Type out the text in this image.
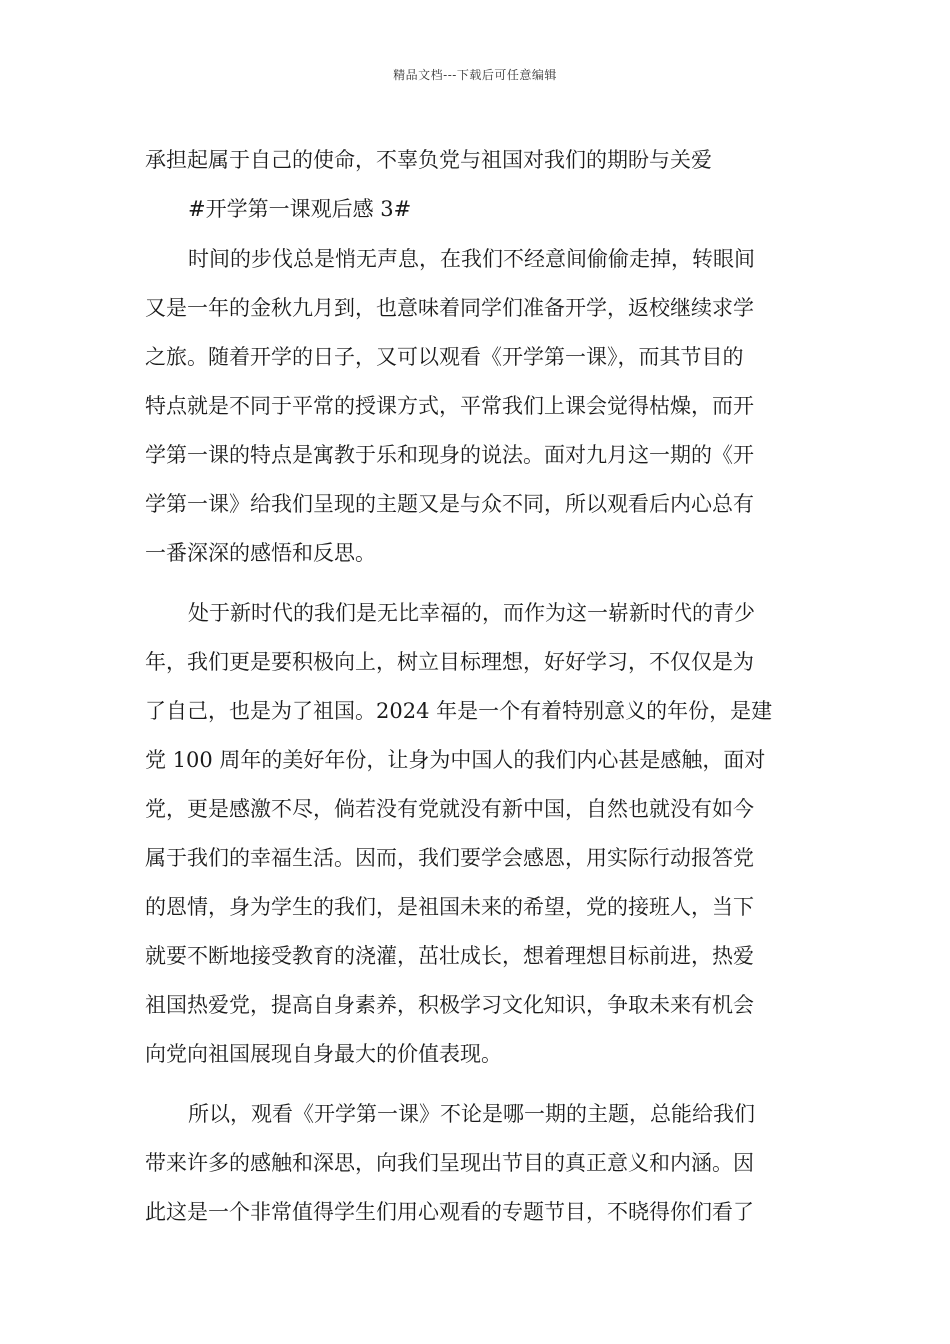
精品文档---下载后可任意编辑
承担起属于自己的使命，不辜负党与祖国对我们的期盼与关爱
#开学第一课观后感 3#
时间的步伐总是悄无声息，在我们不经意间偷偷走掉，转眼间
又是一年的金秋九月到，也意味着同学们准备开学，返校继续求学
之旅。随着开学的日子，又可以观看《开学第一课》，而其节目的
特点就是不同于平常的授课方式，平常我们上课会觉得枯燥，而开
学第一课的特点是寓教于乐和现身的说法。面对九月这一期的《开
学第一课》给我们呈现的主题又是与众不同，所以观看后内心总有
一番深深的感悟和反思。
处于新时代的我们是无比幸福的，而作为这一崭新时代的青少
年，我们更是要积极向上，树立目标理想，好好学习，不仅仅是为
了自己，也是为了祖国。2024 年是一个有着特别意义的年份，是建
党 100 周年的美好年份，让身为中国人的我们内心甚是感触，面对
党，更是感激不尽，倘若没有党就没有新中国，自然也就没有如今
属于我们的幸福生活。因而，我们要学会感恩，用实际行动报答党
的恩情，身为学生的我们，是祖国未来的希望，党的接班人，当下
就要不断地接受教育的浇灌，茁壮成长，想着理想目标前进，热爱
祖国热爱党，提高自身素养，积极学习文化知识，争取未来有机会
向党向祖国展现自身最大的价值表现。
所以，观看《开学第一课》不论是哪一期的主题，总能给我们
带来许多的感触和深思，向我们呈现出节目的真正意义和内涵。因
此这是一个非常值得学生们用心观看的专题节目，不晓得你们看了
